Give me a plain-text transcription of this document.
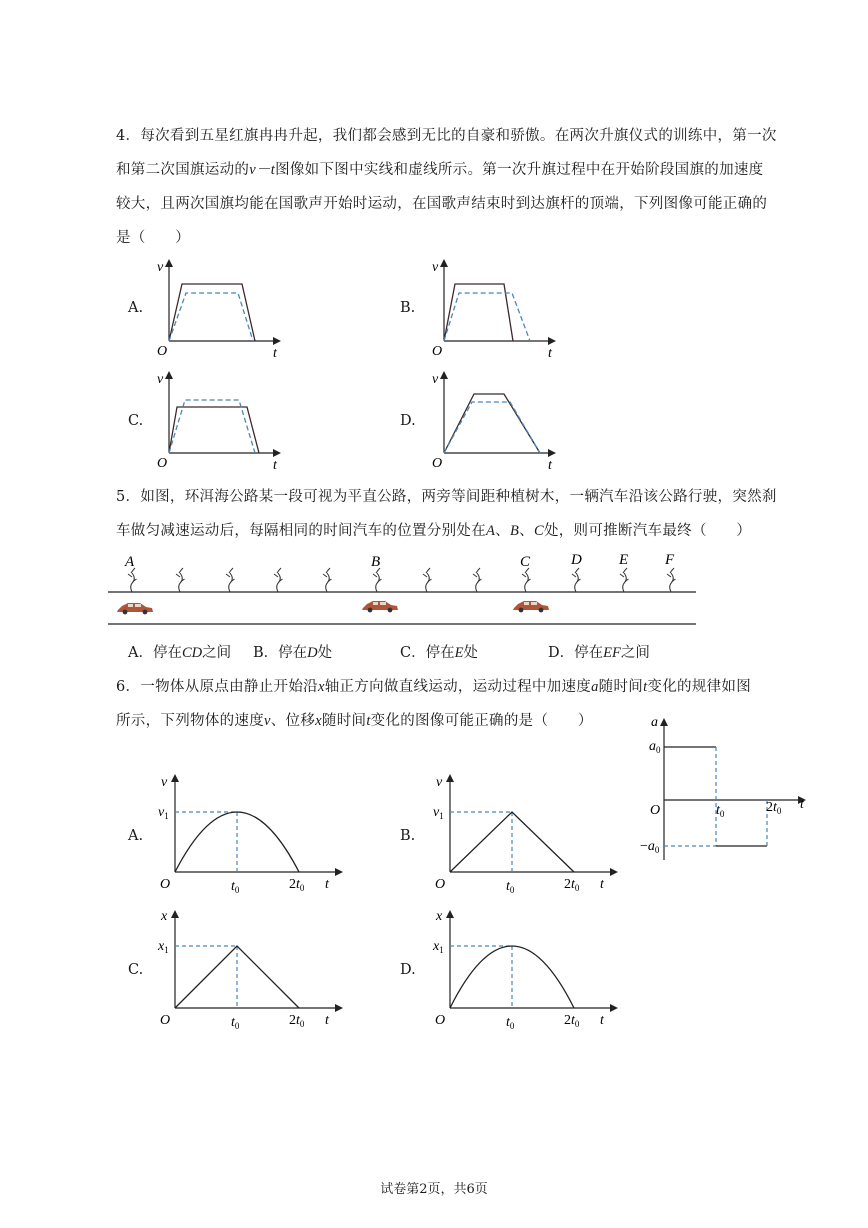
4．每次看到五星红旗冉冉升起，我们都会感到无比的自豪和骄傲。在两次升旗仪式的训练中，第一次
和第二次国旗运动的v－t图像如下图中实线和虚线所示。第一次升旗过程中在开始阶段国旗的加速度
较大，且两次国旗均能在国歌声开始时运动，在国歌声结束时到达旗杆的顶端，下列图像可能正确的
是（　　）
A.
v
O	t
B.
v
O	t
C.
v
O	t
D.
v
O	t
5．如图，环洱海公路某一段可视为平直公路，两旁等间距种植树木，一辆汽车沿该公路行驶，突然刹
车做匀减速运动后，每隔相同的时间汽车的位置分别处在A、B、C处，则可推断汽车最终（　　）
A	B	C	D E F
A．停在CD之间 B．停在D处	C．停在E处	D．停在EF之间
6．一物体从原点由静止开始沿x轴正方向做直线运动，运动过程中加速度a随时间t变化的规律如图
所示，下列物体的速度v、位移x随时间t变化的图像可能正确的是（　　）	a
$a_0$
O	$t_0$	$2t_0$ t
$-a_0$
A.
v
$v_1$
O	$t_0$	$2t_0$ t
B.
v
$v_1$
O	$t_0$	$2t_0$ t
C.
x
$x_1$
O	$t_0$	$2t_0$ t
D.
x
$x_1$
O	$t_0$	$2t_0$ t
试卷第2页，共6页
